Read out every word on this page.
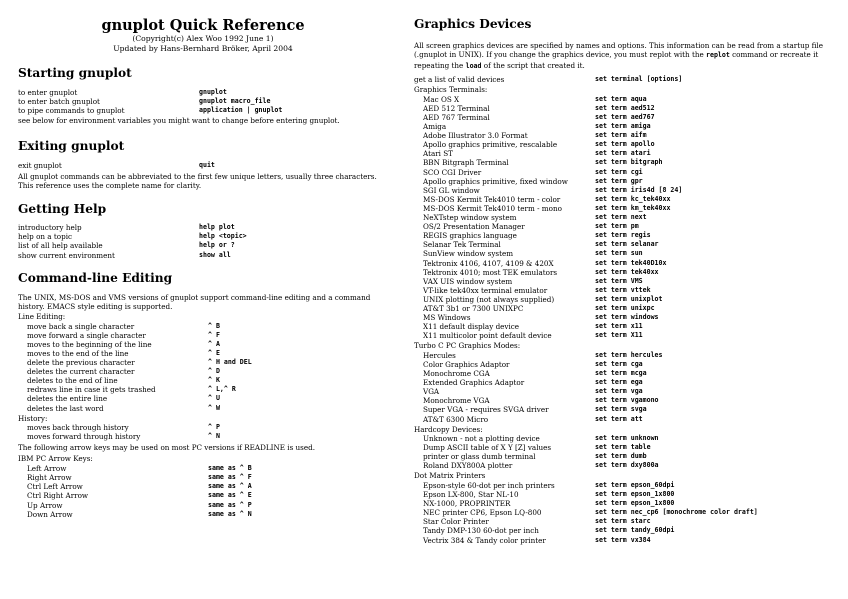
gnuplot Quick Reference
(Copyright(c) Alex Woo 1992 June 1)
Updated by Hans-Bernhard Bröker, April 2004
Starting gnuplot
to enter gnuplot	gnuplot
to enter batch gnuplot	gnuplot macro_file
to pipe commands to gnuplot	application | gnuplot

see below for environment variables you might want to change before entering gnuplot.

Exiting gnuplot
exit gnuplot	quit

All gnuplot commands can be abbreviated to the first few unique letters, usually three characters. This reference uses the complete name for clarity.

Getting Help
introductory help	help plot
help on a topic	help <topic>
list of all help available	help or ?
show current environment	show all
Command-line Editing

The UNIX, MS-DOS and VMS versions of gnuplot support command-line editing and a command history. EMACS style editing is supported.

Line Editing:
move back a single character	^ B
move forward a single character	^ F
moves to the beginning of the line	^ A
moves to the end of the line	^ E
delete the previous character	^ H and DEL
deletes the current character	^ D
deletes to the end of line	^ K
redraws line in case it gets trashed	^ L,^ R
deletes the entire line	^ U
deletes the last word	^ W
History:
moves back through history	^ P
moves forward through history	^ N

The following arrow keys may be used on most PC versions if READLINE is used.

IBM PC Arrow Keys:
Left Arrow	same as ^ B
Right Arrow	same as ^ F
Ctrl Left Arrow	same as ^ A
Ctrl Right Arrow	same as ^ E
Up Arrow	same as ^ P
Down Arrow	same as ^ N
Graphics Devices

All screen graphics devices are specified by names and options. This information can be read from a startup file (.gnuplot in UNIX). If you change the graphics device, you must replot with the replot command or recreate it repeating the load of the script that created it.

get a list of valid devices	set terminal [options]
Graphics Terminals:
Mac OS X	set term aqua
AED 512 Terminal	set term aed512
AED 767 Terminal	set term aed767
Amiga	set term amiga
Adobe Illustrator 3.0 Format	set term aifm
Apollo graphics primitive, rescalable	set term apollo
Atari ST	set term atari
BBN Bitgraph Terminal	set term bitgraph
SCO CGI Driver	set term cgi
Apollo graphics primitive, fixed window	set term gpr
SGI GL window	set term iris4d [8 24]
MS-DOS Kermit Tek4010 term - color	set term kc_tek40xx
MS-DOS Kermit Tek4010 term - mono	set term km_tek40xx
NeXTstep window system	set term next
OS/2 Presentation Manager	set term pm
REGIS graphics language	set term regis
Selanar Tek Terminal	set term selanar
SunView window system	set term sun
Tektronix 4106, 4107, 4109 & 420X	set term tek40D10x
Tektronix 4010; most TEK emulators	set term tek40xx
VAX UIS window system	set term VMS
VT-like tek40xx terminal emulator	set term vttek
UNIX plotting (not always supplied)	set term unixplot
AT&T 3b1 or 7300 UNIXPC	set term unixpc
MS Windows	set term windows
X11 default display device	set term x11
X11 multicolor point default device	set term X11
Turbo C PC Graphics Modes:
Hercules	set term hercules
Color Graphics Adaptor	set term cga
Monochrome CGA	set term mcga
Extended Graphics Adaptor	set term ega
VGA	set term vga
Monochrome VGA	set term vgamono
Super VGA - requires SVGA driver	set term svga
AT&T 6300 Micro	set term att
Hardcopy Devices:
Unknown - not a plotting device	set term unknown
Dump ASCII table of X Y [Z] values	set term table
printer or glass dumb terminal	set term dumb
Roland DXY800A plotter	set term dxy800a
Dot Matrix Printers
Epson-style 60-dot per inch printers	set term epson_60dpi
Epson LX-800, Star NL-10	set term epson_1x800
NX-1000, PROPRINTER	set term epson_1x800
NEC printer CP6, Epson LQ-800	set term nec_cp6 [monochrome color draft]
Star Color Printer	set term starc
Tandy DMP-130 60-dot per inch	set term tandy_60dpi
Vectrix 384 & Tandy color printer	set term vx384
